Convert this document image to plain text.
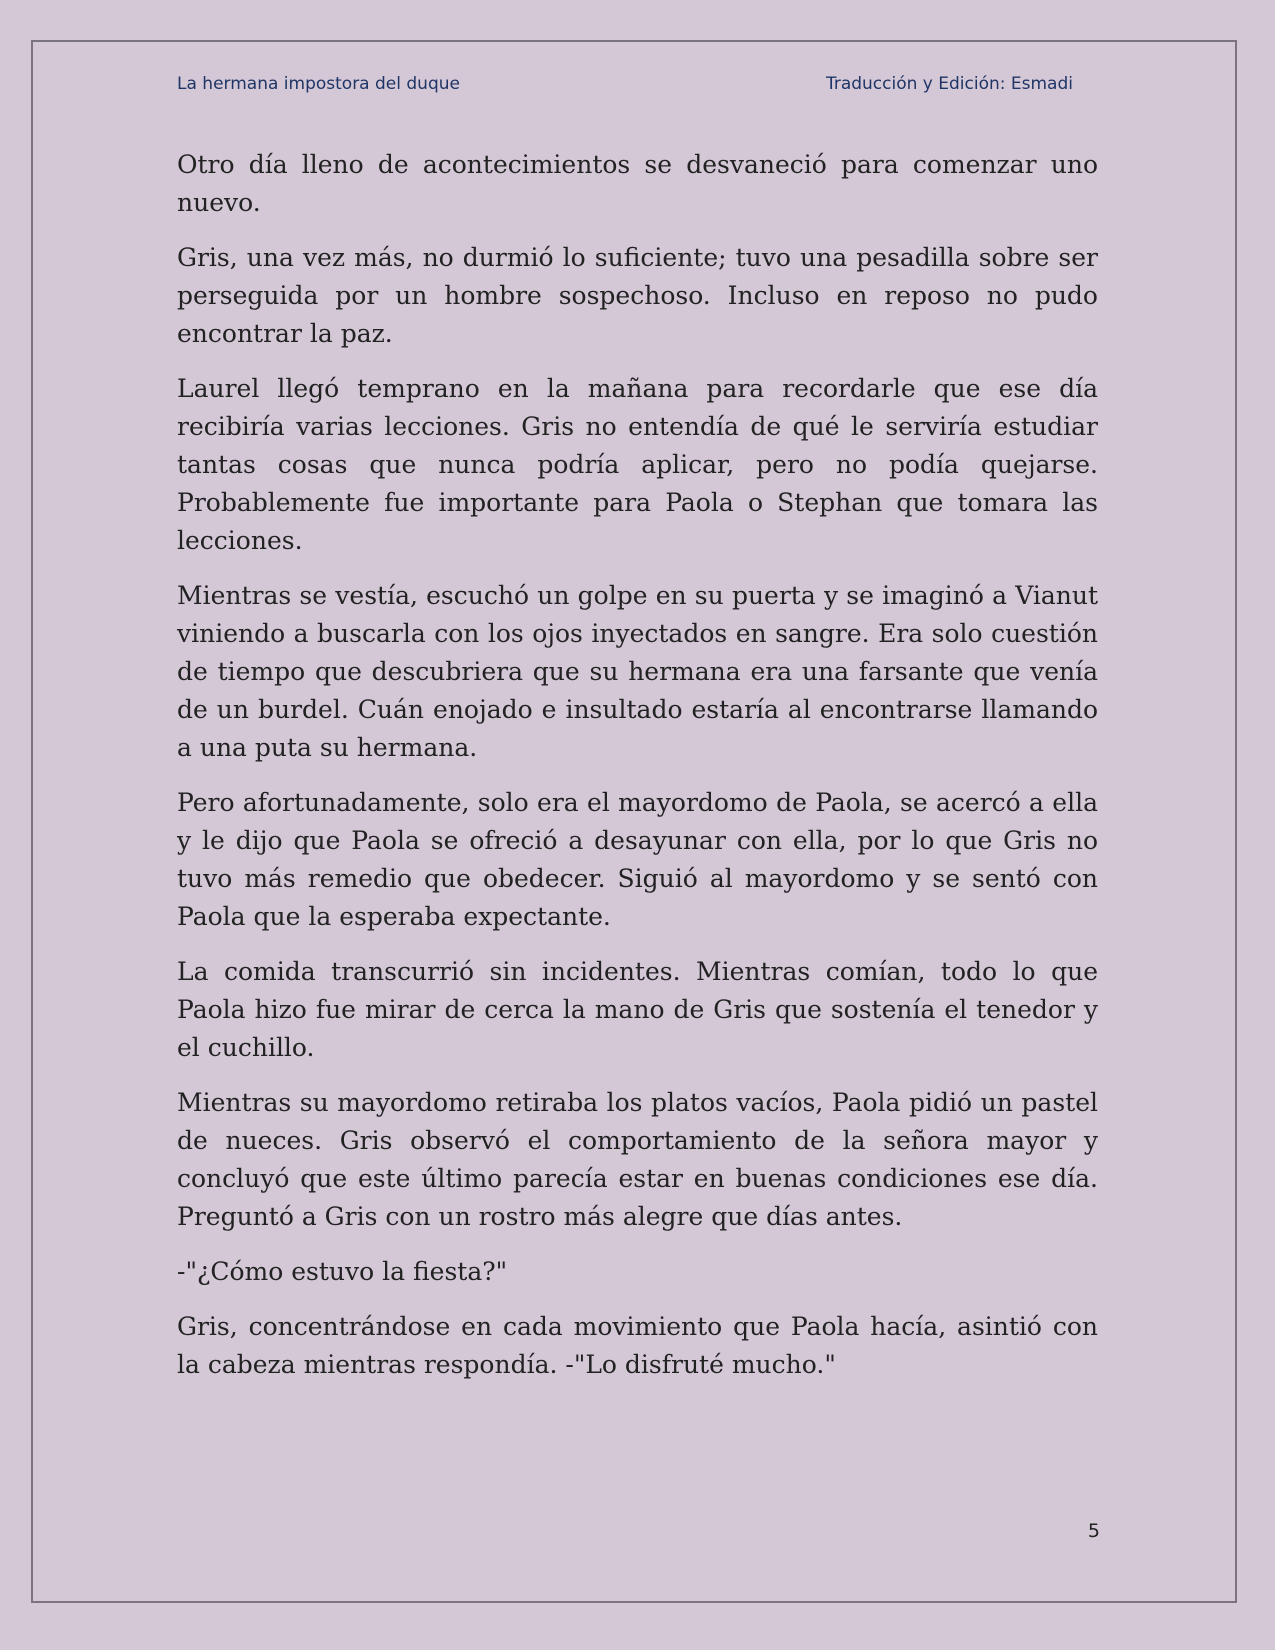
La hermana impostora del duque	Traducción y Edición: Esmadi

Otro día lleno de acontecimientos se desvaneció para comenzar uno nuevo.

Gris, una vez más, no durmió lo suficiente; tuvo una pesadilla sobre ser perseguida por un hombre sospechoso. Incluso en reposo no pudo encontrar la paz.

Laurel llegó temprano en la mañana para recordarle que ese día recibiría varias lecciones. Gris no entendía de qué le serviría estudiar tantas cosas que nunca podría aplicar, pero no podía quejarse. Probablemente fue importante para Paola o Stephan que tomara las lecciones.

Mientras se vestía, escuchó un golpe en su puerta y se imaginó a Vianut viniendo a buscarla con los ojos inyectados en sangre. Era solo cuestión de tiempo que descubriera que su hermana era una farsante que venía de un burdel. Cuán enojado e insultado estaría al encontrarse llamando a una puta su hermana.

Pero afortunadamente, solo era el mayordomo de Paola, se acercó a ella y le dijo que Paola se ofreció a desayunar con ella, por lo que Gris no tuvo más remedio que obedecer. Siguió al mayordomo y se sentó con Paola que la esperaba expectante.

La comida transcurrió sin incidentes. Mientras comían, todo lo que Paola hizo fue mirar de cerca la mano de Gris que sostenía el tenedor y el cuchillo.

Mientras su mayordomo retiraba los platos vacíos, Paola pidió un pastel de nueces. Gris observó el comportamiento de la señora mayor y concluyó que este último parecía estar en buenas condiciones ese día. Preguntó a Gris con un rostro más alegre que días antes.

-"¿Cómo estuvo la fiesta?"

Gris, concentrándose en cada movimiento que Paola hacía, asintió con la cabeza mientras respondía. -"Lo disfruté mucho."

5
